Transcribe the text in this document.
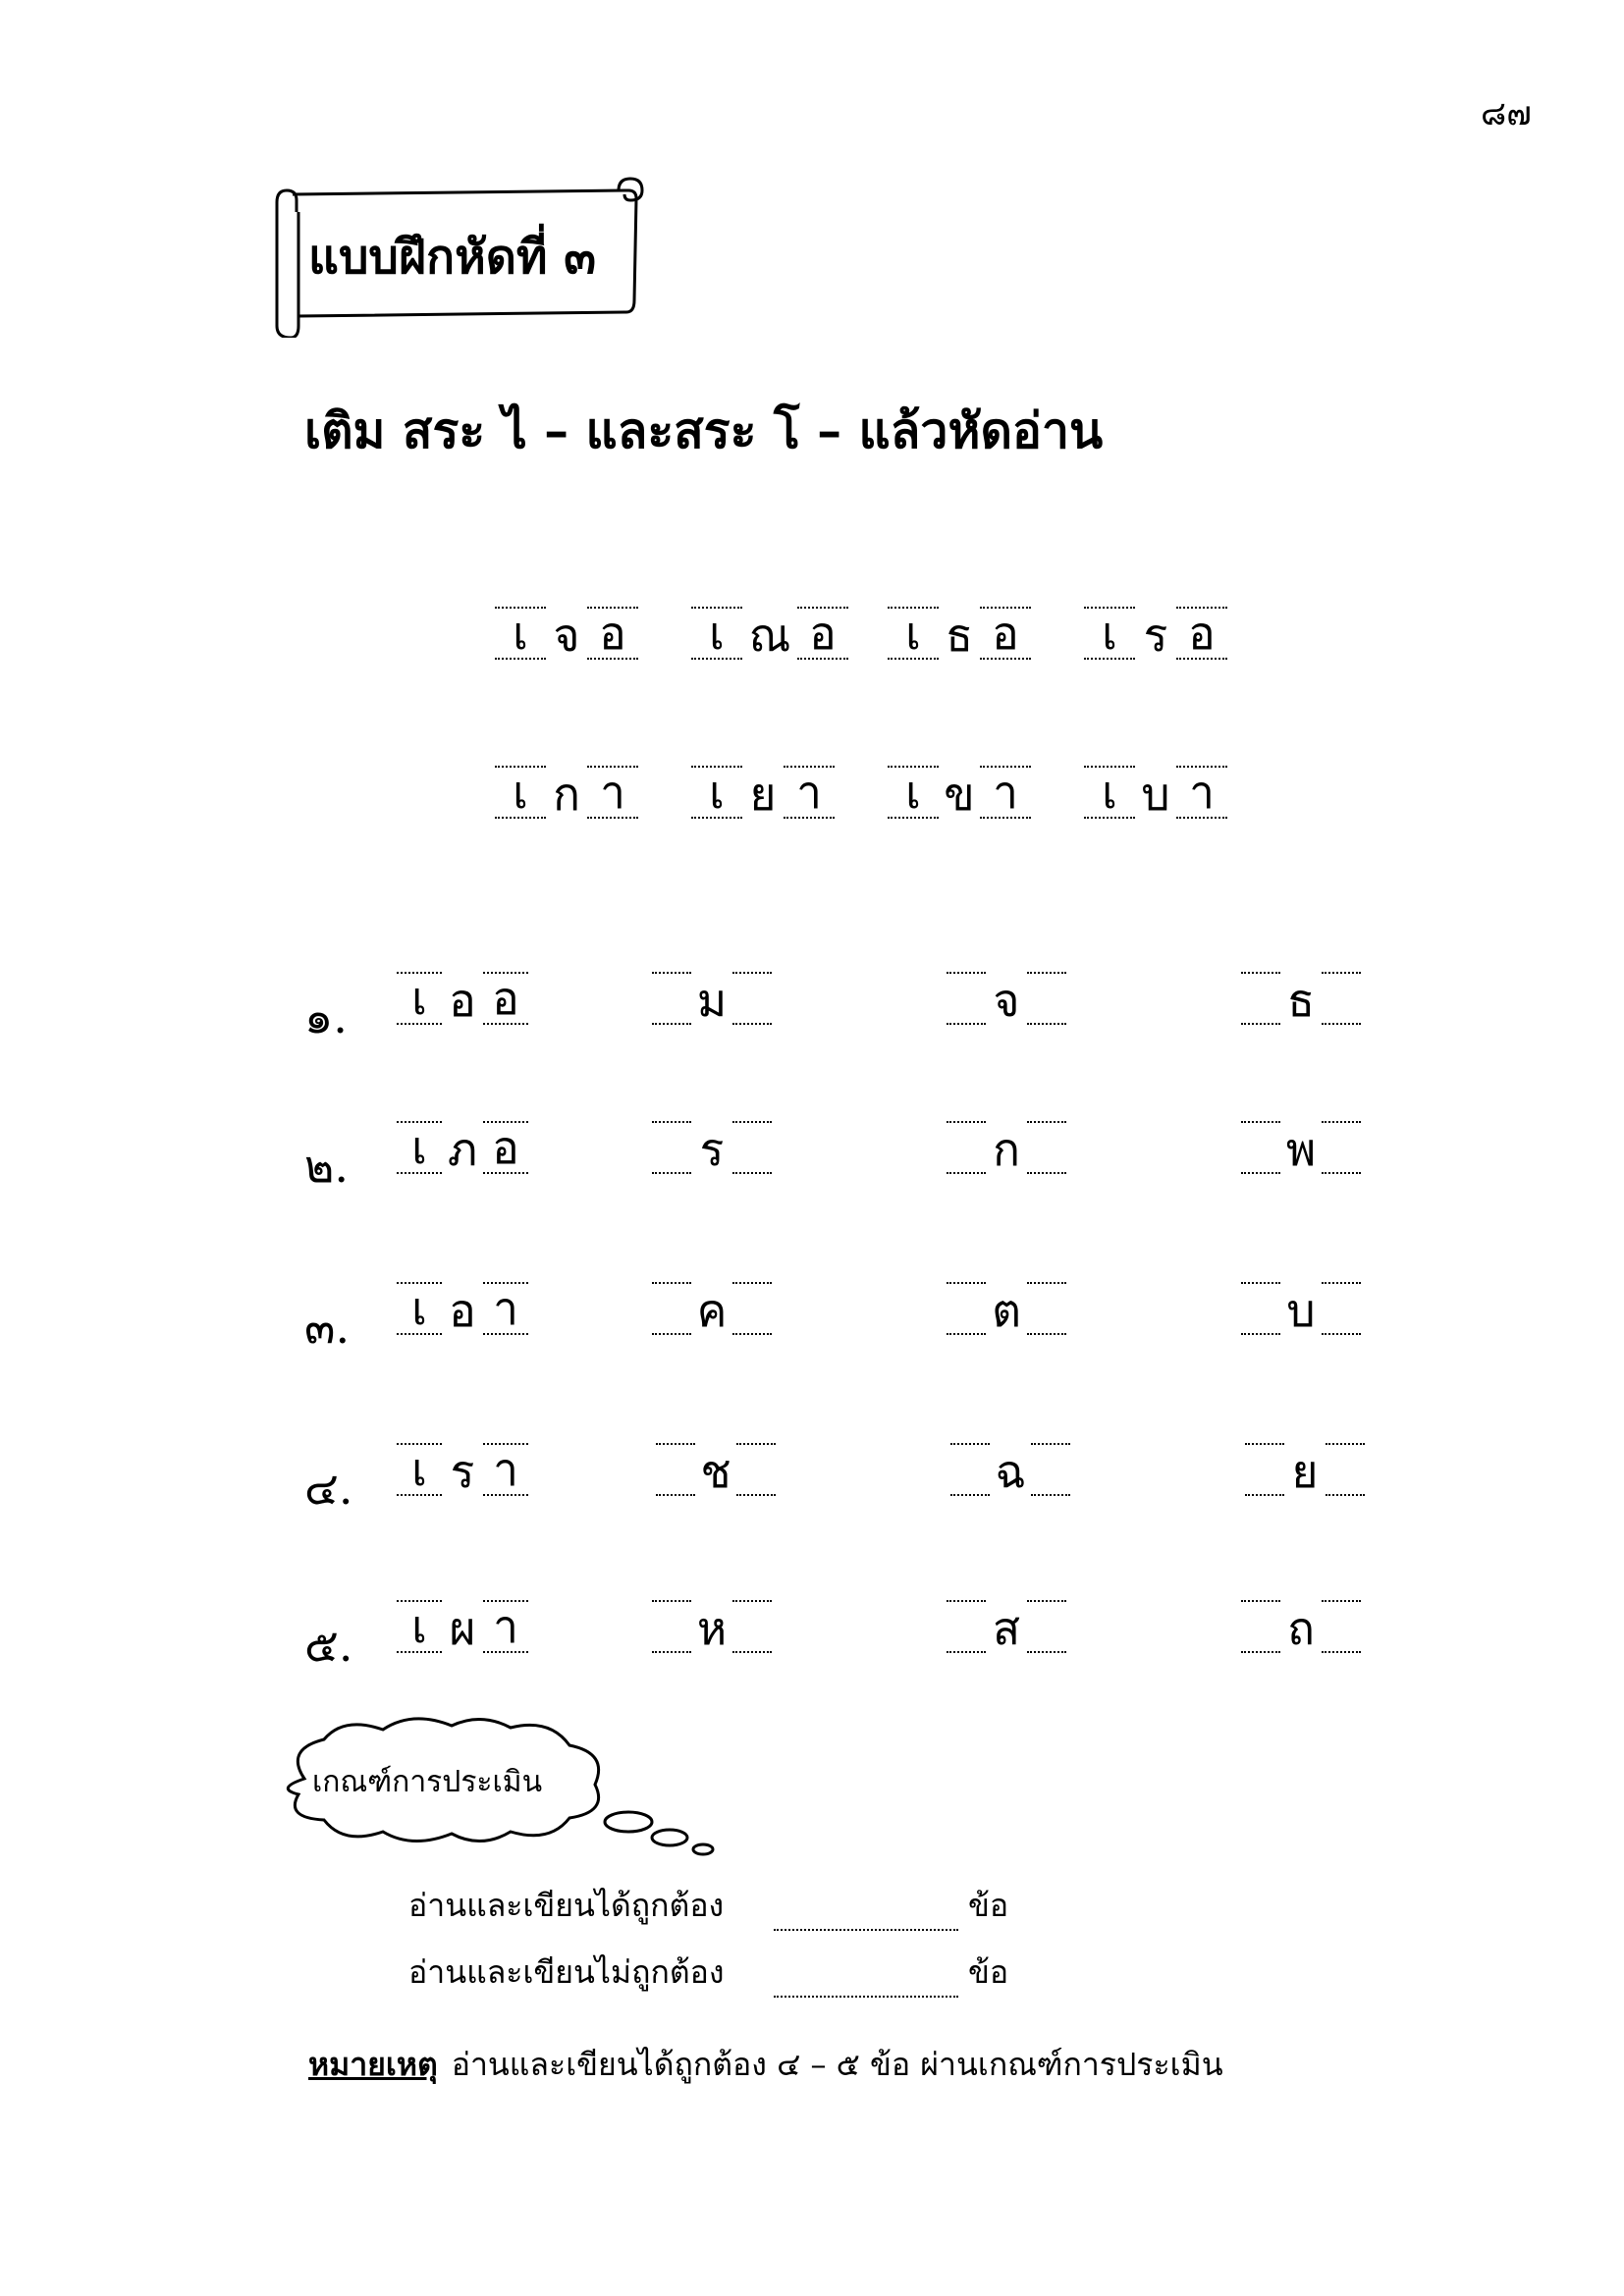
๘๗
แบบฝึกหัดที่ ๓
เติม สระ ไ – และสระ โ – แล้วหัดอ่าน
เ จ อ	เ ณ อ	เ ธ อ	เ ร อ
เ ก า	เ ย า	เ ข า	เ บ า
๑.	เ อ อ	ม	จ	ธ
๒.	เ ภ อ	ร	ก	พ
๓.	เ อ า	ค	ต	บ
๔.	เ ร า	ช	ฉ	ย
๕.	เ ผ า	ห	ส	ถ
เกณฑ์การประเมิน
อ่านและเขียนได้ถูกต้อง	ข้อ
อ่านและเขียนไม่ถูกต้อง	ข้อ
หมายเหตุ อ่านและเขียนได้ถูกต้อง ๔ – ๕ ข้อ ผ่านเกณฑ์การประเมิน
